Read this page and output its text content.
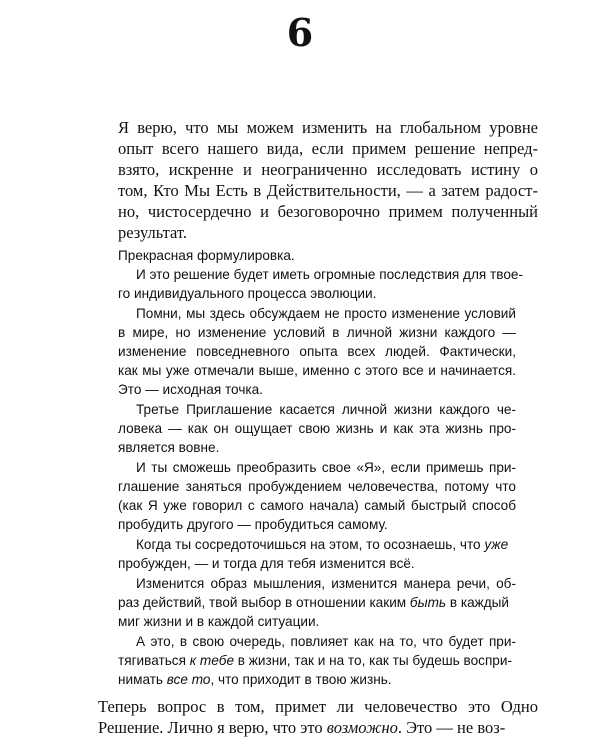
6
Я верю, что мы можем изменить на глобальном уровне
опыт всего нашего вида, если примем решение непред-
взято, искренне и неограниченно исследовать истину о
том, Кто Мы Есть в Действительности, — а затем радост-
но, чистосердечно и безоговорочно примем полученный
результат.
Прекрасная формулировка.
И это решение будет иметь огромные последствия для твое-
го индивидуального процесса эволюции.
Помни, мы здесь обсуждаем не просто изменение условий
в мире, но изменение условий в личной жизни каждого —
изменение повседневного опыта всех людей. Фактически,
как мы уже отмечали выше, именно с этого все и начинается.
Это — исходная точка.
Третье Приглашение касается личной жизни каждого че-
ловека — как он ощущает свою жизнь и как эта жизнь про-
является вовне.
И ты сможешь преобразить свое «Я», если примешь при-
глашение заняться пробуждением человечества, потому что
(как Я уже говорил с самого начала) самый быстрый способ
пробудить другого — пробудиться самому.
Когда ты сосредоточишься на этом, то осознаешь, что уже
пробужден, — и тогда для тебя изменится всё.
Изменится образ мышления, изменится манера речи, об-
раз действий, твой выбор в отношении каким быть в каждый
миг жизни и в каждой ситуации.
А это, в свою очередь, повлияет как на то, что будет при-
тягиваться к тебе в жизни, так и на то, как ты будешь воспри-
нимать все то, что приходит в твою жизнь.
Теперь вопрос в том, примет ли человечество это Одно
Решение. Лично я верю, что это возможно. Это — не воз-
